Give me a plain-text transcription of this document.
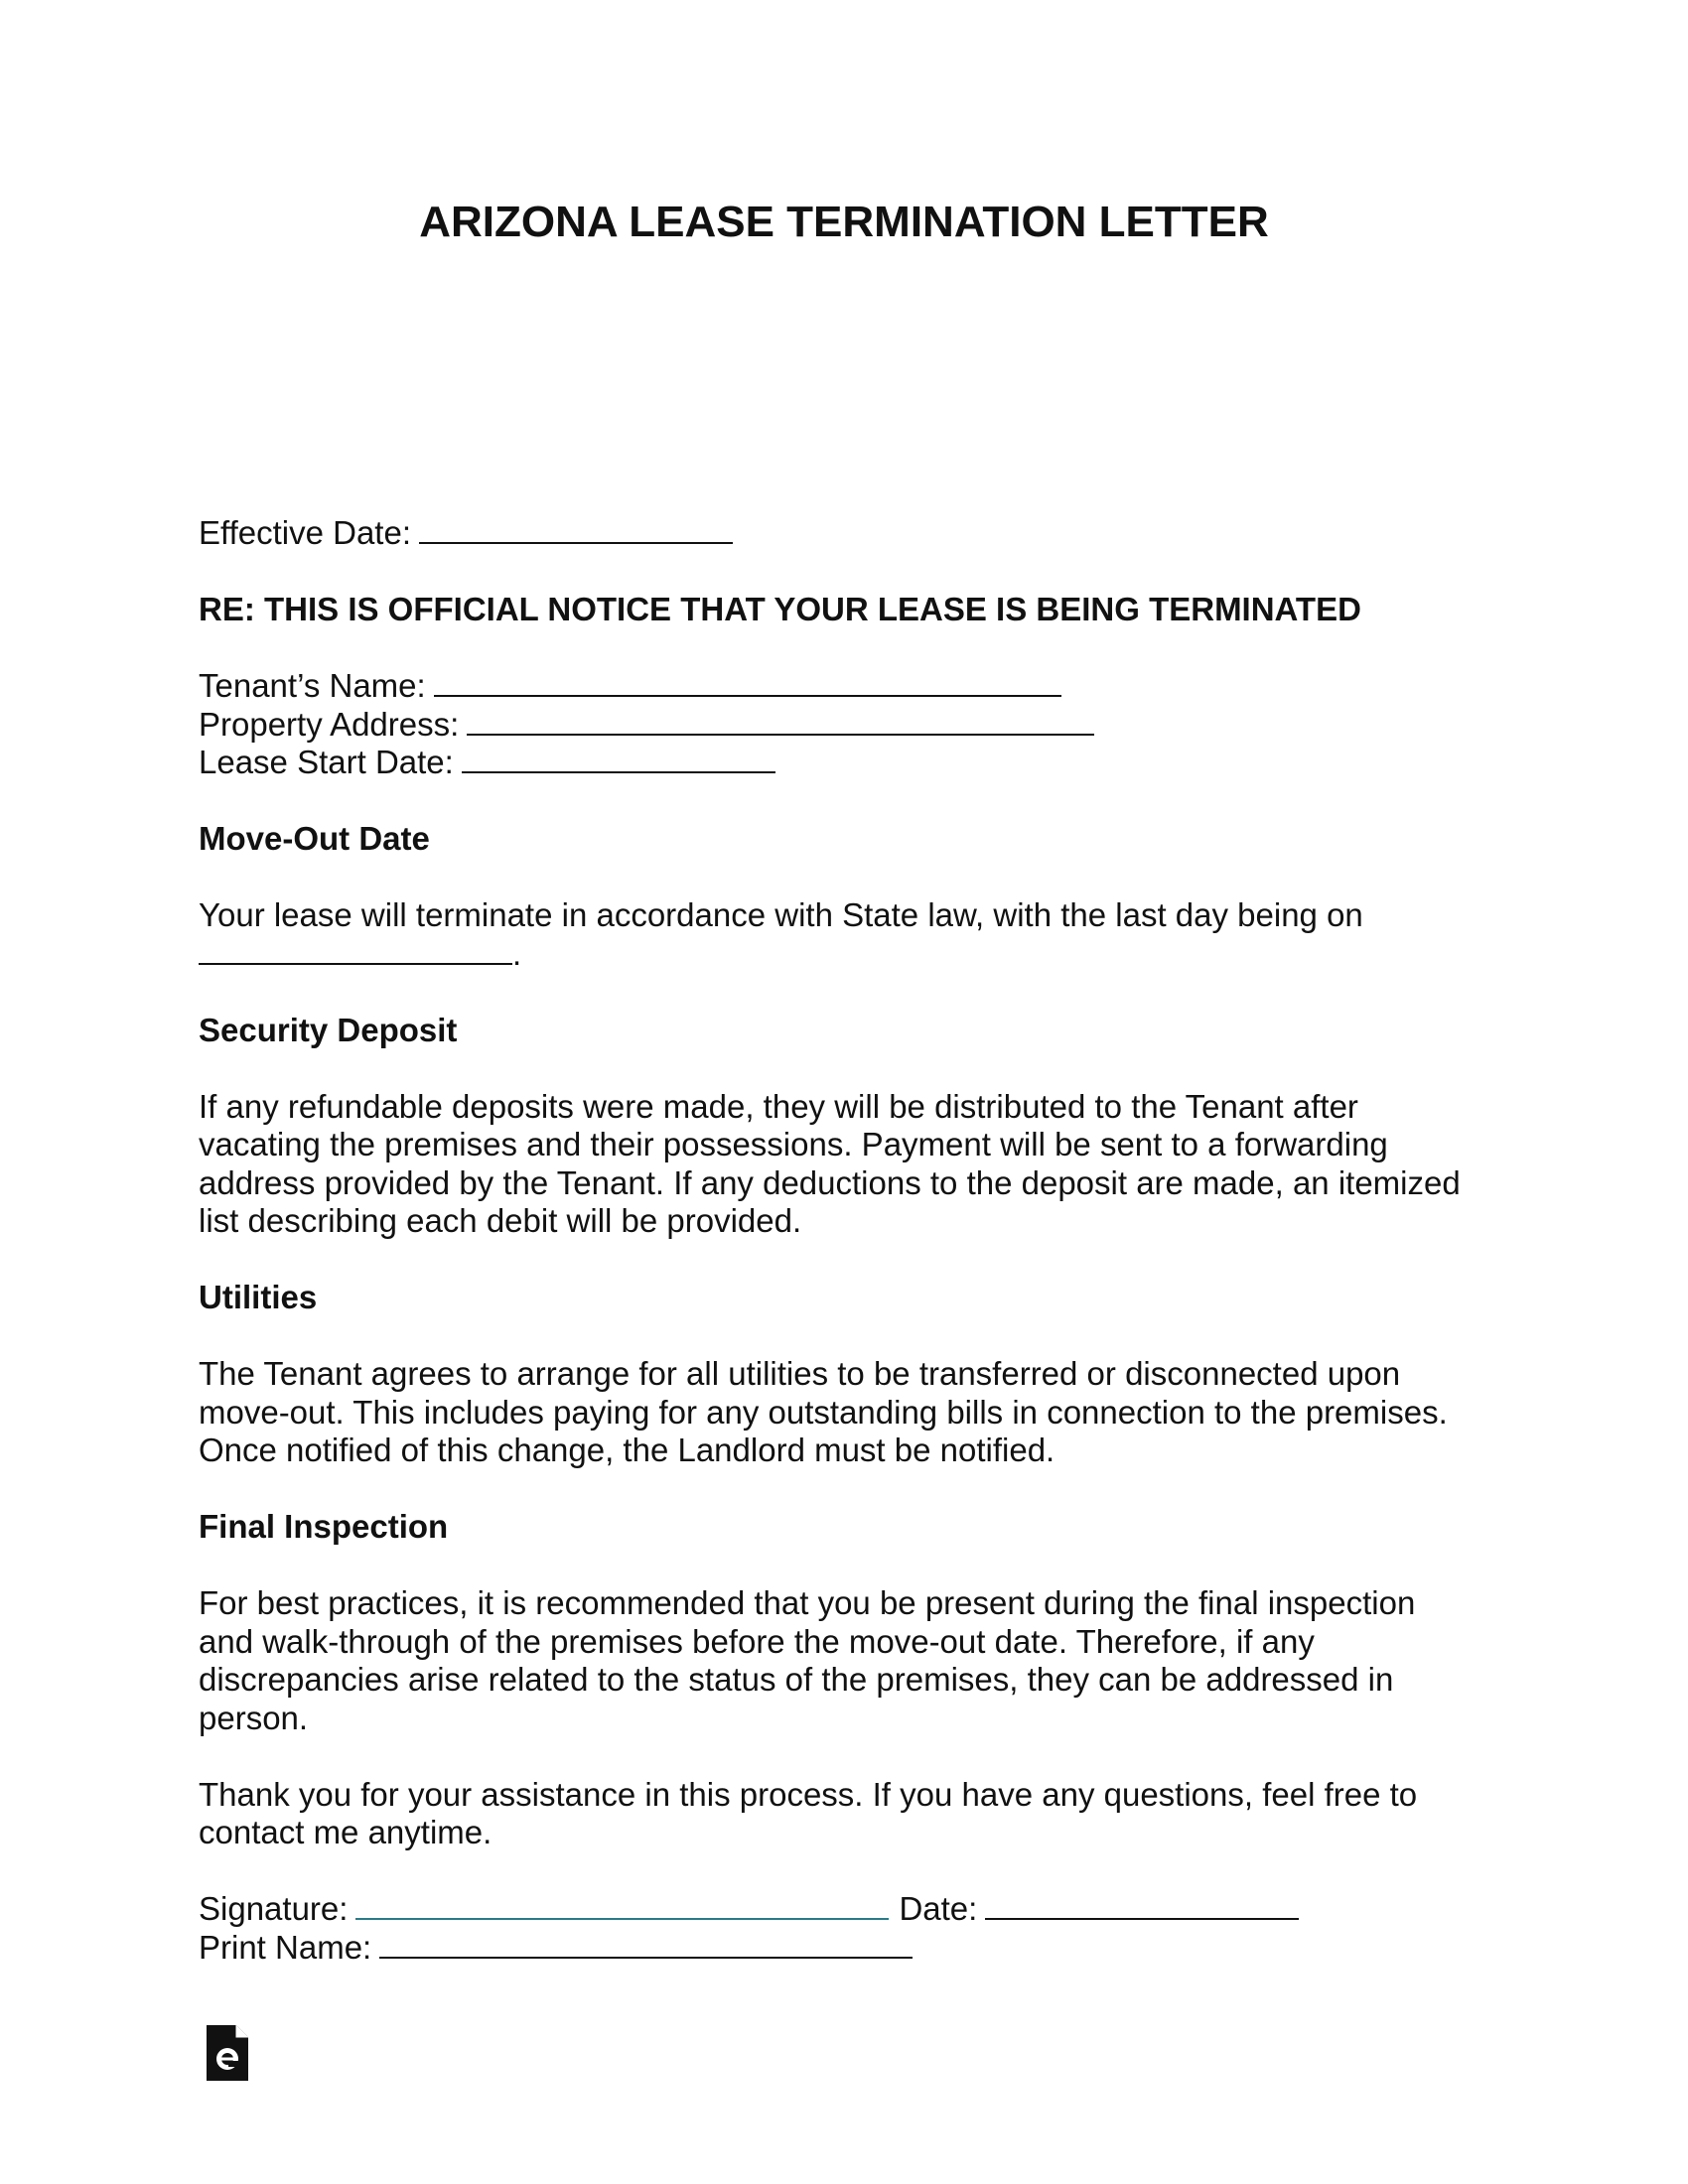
ARIZONA LEASE TERMINATION LETTER

Effective Date:

RE: THIS IS OFFICIAL NOTICE THAT YOUR LEASE IS BEING TERMINATED

Tenant’s Name:

Property Address:

Lease Start Date:

Move-Out Date

Your lease will terminate in accordance with State law, with the last day being on

.

Security Deposit

If any refundable deposits were made, they will be distributed to the Tenant after

vacating the premises and their possessions. Payment will be sent to a forwarding

address provided by the Tenant. If any deductions to the deposit are made, an itemized

list describing each debit will be provided.

Utilities

The Tenant agrees to arrange for all utilities to be transferred or disconnected upon

move-out. This includes paying for any outstanding bills in connection to the premises.

Once notified of this change, the Landlord must be notified.

Final Inspection

For best practices, it is recommended that you be present during the final inspection

and walk-through of the premises before the move-out date. Therefore, if any

discrepancies arise related to the status of the premises, they can be addressed in

person.

Thank you for your assistance in this process. If you have any questions, feel free to

contact me anytime.

Signature:	Date:

Print Name:
